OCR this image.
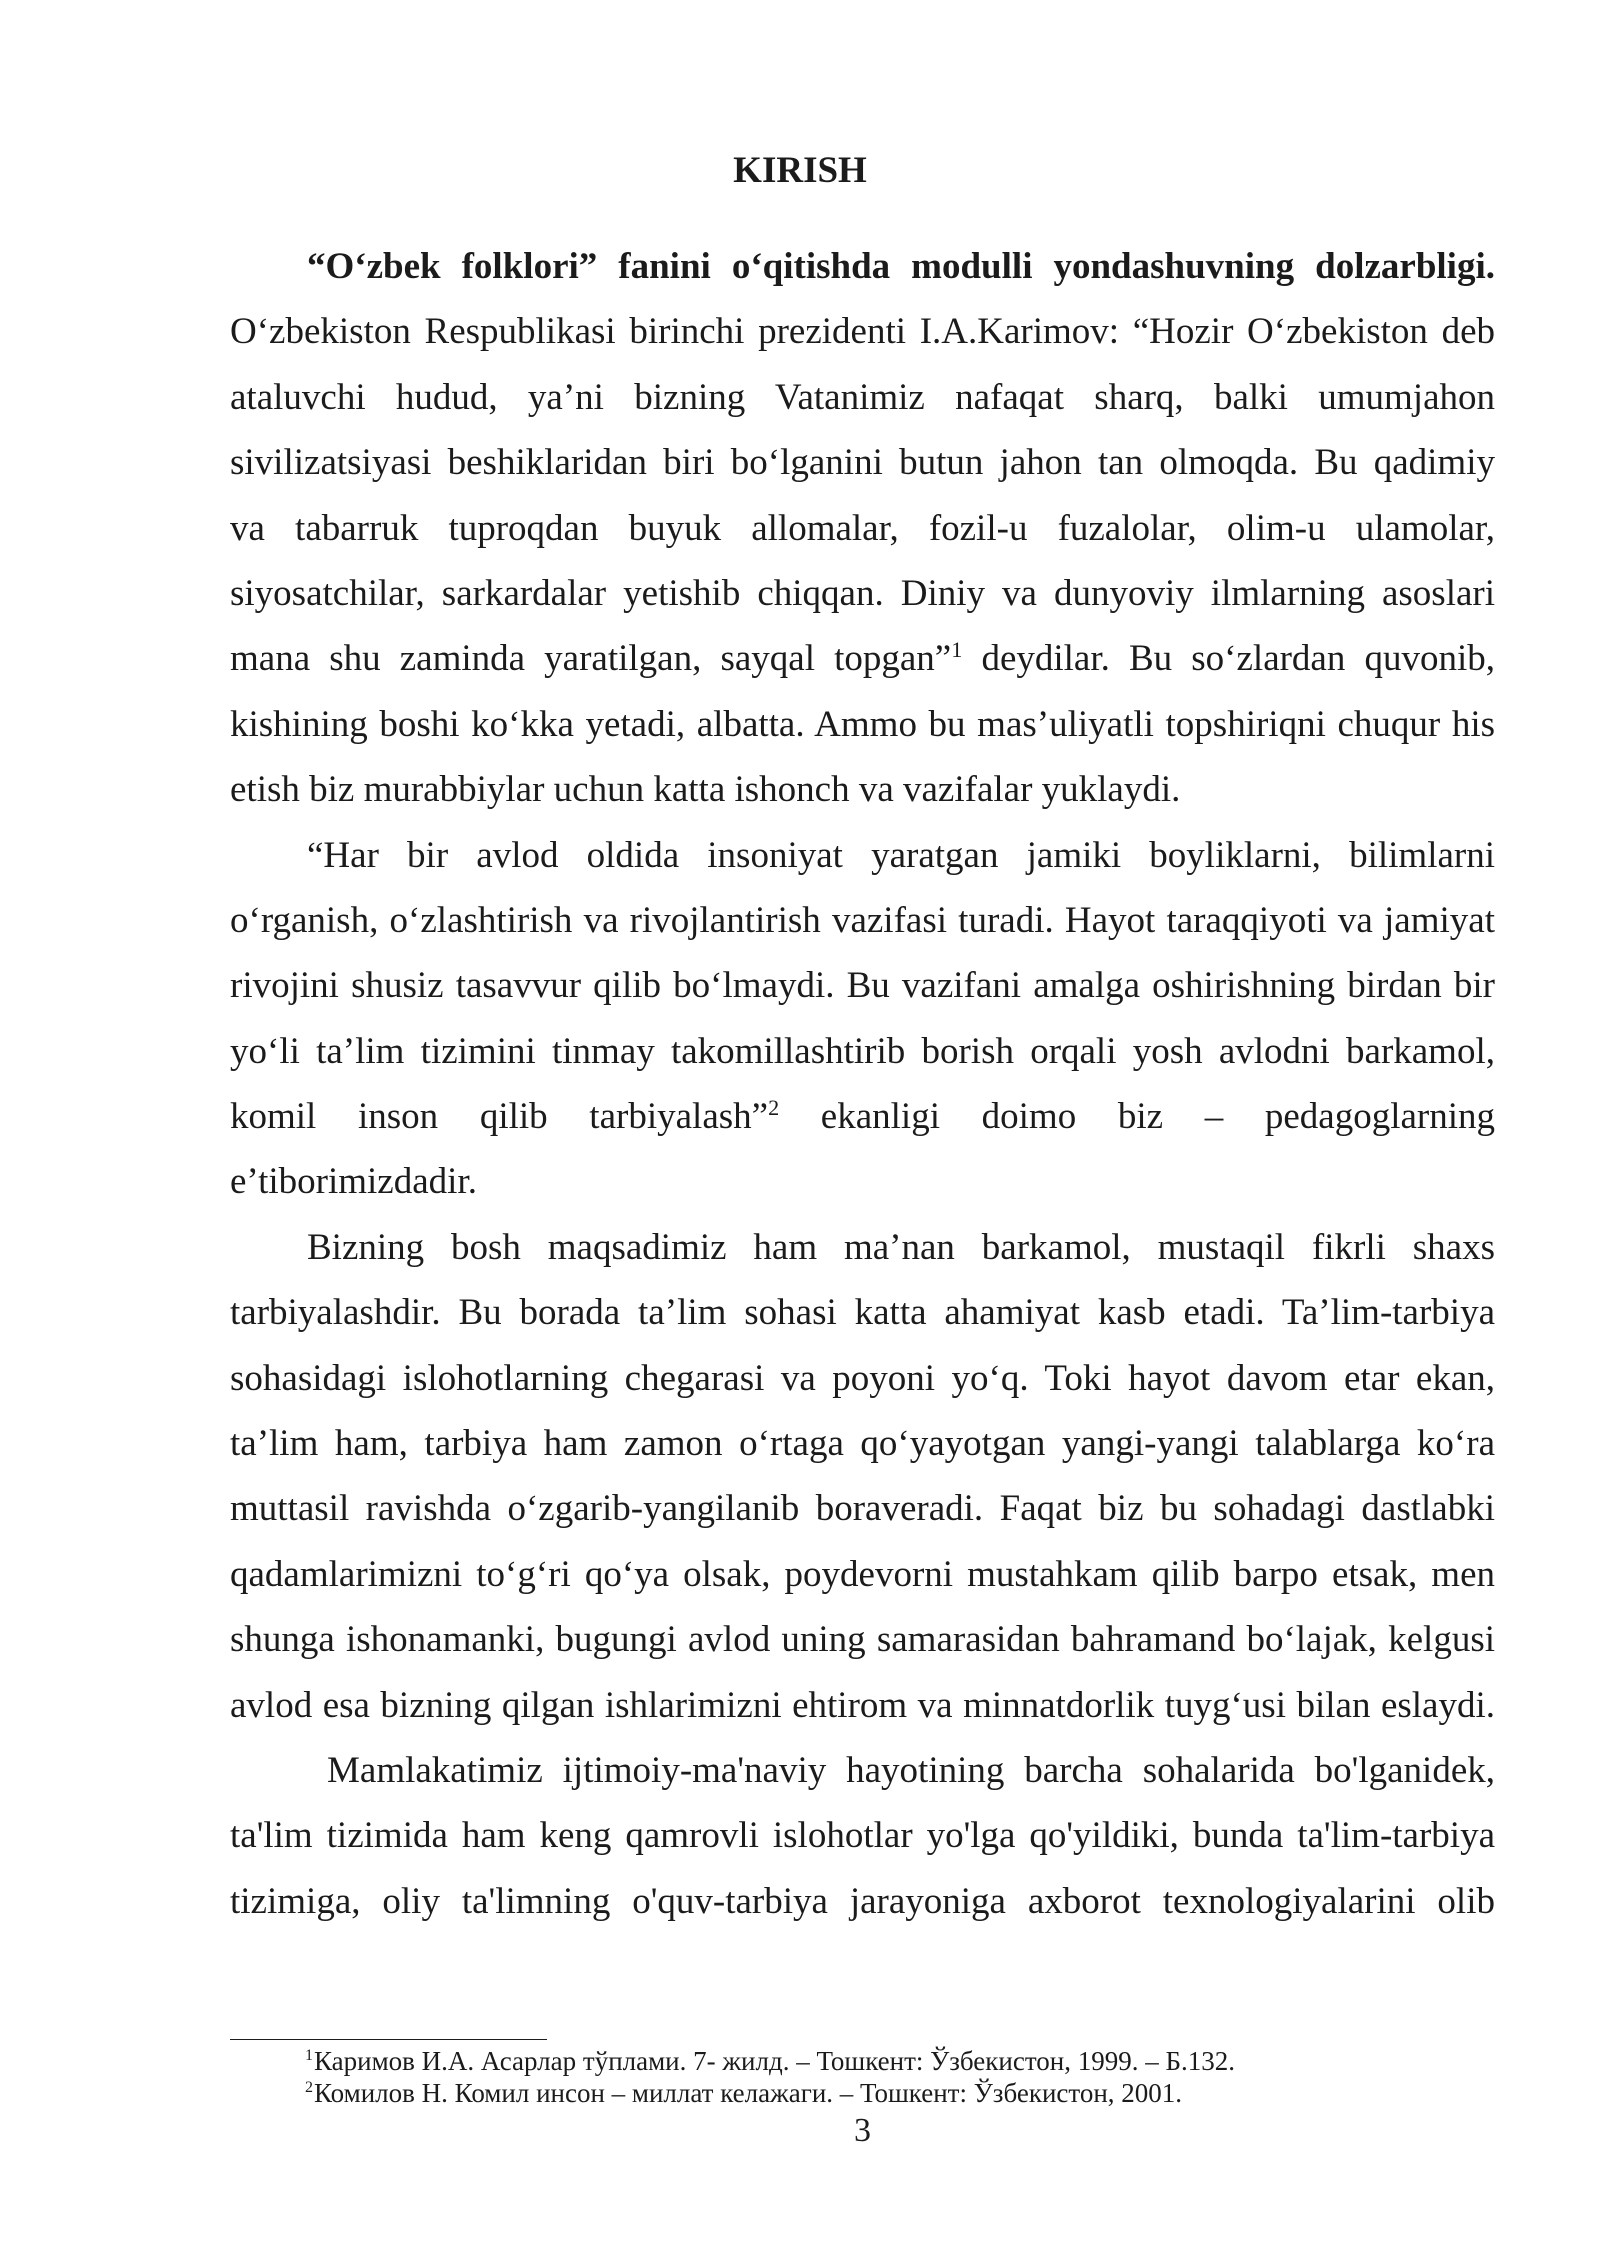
KIRISH
“O‘zbek folklori” fanini o‘qitishda modulli yondashuvning dolzarbligi.
O‘zbekiston Respublikasi birinchi prezidenti I.A.Karimov: “Hozir O‘zbekiston deb
ataluvchi hudud, ya’ni bizning Vatanimiz nafaqat sharq, balki umumjahon
sivilizatsiyasi beshiklaridan biri bo‘lganini butun jahon tan olmoqda. Bu qadimiy
va tabarruk tuproqdan buyuk allomalar, fozil-u fuzalolar, olim-u ulamolar,
siyosatchilar, sarkardalar yetishib chiqqan. Diniy va dunyoviy ilmlarning asoslari
mana shu zaminda yaratilgan, sayqal topgan”$^1$ deydilar. Bu so‘zlardan quvonib,
kishining boshi ko‘kka yetadi, albatta. Ammo bu mas’uliyatli topshiriqni chuqur his
etish biz murabbiylar uchun katta ishonch va vazifalar yuklaydi.
“Har bir avlod oldida insoniyat yaratgan jamiki boyliklarni, bilimlarni
o‘rganish, o‘zlashtirish va rivojlantirish vazifasi turadi. Hayot taraqqiyoti va jamiyat
rivojini shusiz tasavvur qilib bo‘lmaydi. Bu vazifani amalga oshirishning birdan bir
yo‘li ta’lim tizimini tinmay takomillashtirib borish orqali yosh avlodni barkamol,
komil inson qilib tarbiyalash”$^2$ ekanligi doimo biz – pedagoglarning
e’tiborimizdadir.
Bizning bosh maqsadimiz ham ma’nan barkamol, mustaqil fikrli shaxs
tarbiyalashdir. Bu borada ta’lim sohasi katta ahamiyat kasb etadi. Ta’lim-tarbiya
sohasidagi islohotlarning chegarasi va poyoni yo‘q. Toki hayot davom etar ekan,
ta’lim ham, tarbiya ham zamon o‘rtaga qo‘yayotgan yangi-yangi talablarga ko‘ra
muttasil ravishda o‘zgarib-yangilanib boraveradi. Faqat biz bu sohadagi dastlabki
qadamlarimizni to‘g‘ri qo‘ya olsak, poydevorni mustahkam qilib barpo etsak, men
shunga ishonamanki, bugungi avlod uning samarasidan bahramand bo‘lajak, kelgusi
avlod esa bizning qilgan ishlarimizni ehtirom va minnatdorlik tuyg‘usi bilan eslaydi.
Mamlakatimiz ijtimoiy-ma'naviy hayotining barcha sohalarida bo'lganidek,
ta'lim tizimida ham keng qamrovli islohotlar yo'lga qo'yildiki, bunda ta'lim-tarbiya
tizimiga, oliy ta'limning o'quv-tarbiya jarayoniga axborot texnologiyalarini olib
$^1$Каримов И.А. Асарлар тўплами. 7- жилд. – Тошкент: Ўзбекистон, 1999. – Б.132.
$^2$Комилов Н. Комил инсон – миллат келажаги. – Тошкент: Ўзбекистон, 2001.
3
